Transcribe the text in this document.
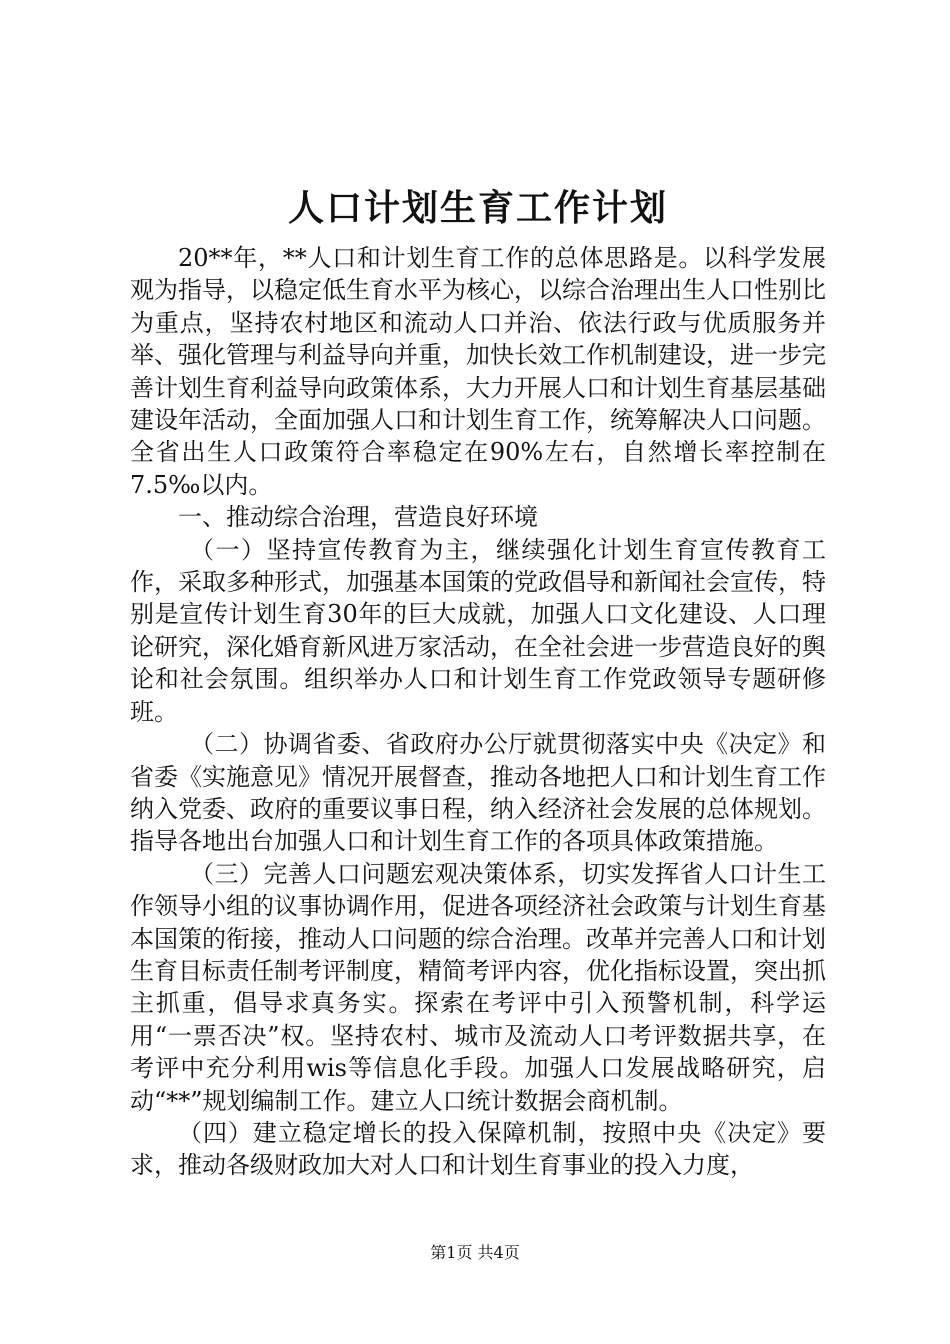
人口计划生育工作计划

20**年，**人口和计划生育工作的总体思路是。以科学发展观为指导，以稳定低生育水平为核心，以综合治理出生人口性别比为重点，坚持农村地区和流动人口并治、依法行政与优质服务并举、强化管理与利益导向并重，加快长效工作机制建设，进一步完善计划生育利益导向政策体系，大力开展人口和计划生育基层基础建设年活动，全面加强人口和计划生育工作，统筹解决人口问题。全省出生人口政策符合率稳定在90%左右，自然增长率控制在7.5‰以内。

一、推动综合治理，营造良好环境

（一）坚持宣传教育为主，继续强化计划生育宣传教育工作，采取多种形式，加强基本国策的党政倡导和新闻社会宣传，特别是宣传计划生育30年的巨大成就，加强人口文化建设、人口理论研究，深化婚育新风进万家活动，在全社会进一步营造良好的舆论和社会氛围。组织举办人口和计划生育工作党政领导专题研修班。

（二）协调省委、省政府办公厅就贯彻落实中央《决定》和省委《实施意见》情况开展督查，推动各地把人口和计划生育工作纳入党委、政府的重要议事日程，纳入经济社会发展的总体规划。指导各地出台加强人口和计划生育工作的各项具体政策措施。

（三）完善人口问题宏观决策体系，切实发挥省人口计生工作领导小组的议事协调作用，促进各项经济社会政策与计划生育基本国策的衔接，推动人口问题的综合治理。改革并完善人口和计划生育目标责任制考评制度，精简考评内容，优化指标设置，突出抓主抓重，倡导求真务实。探索在考评中引入预警机制，科学运用“一票否决”权。坚持农村、城市及流动人口考评数据共享，在考评中充分利用wis等信息化手段。加强人口发展战略研究，启动“**”规划编制工作。建立人口统计数据会商机制。

（四）建立稳定增长的投入保障机制，按照中央《决定》要求，推动各级财政加大对人口和计划生育事业的投入力度，

第1页 共4页
